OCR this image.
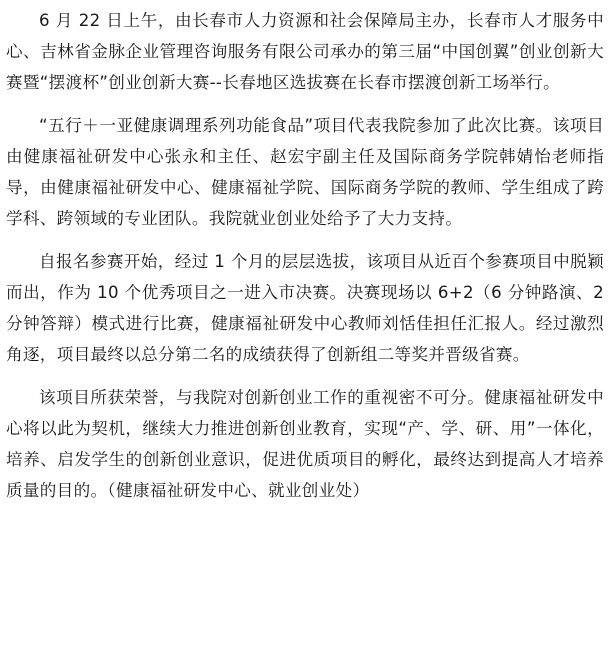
6 月 22 日上午，由长春市人力资源和社会保障局主办，长春市人才服务中心、吉林省金脉企业管理咨询服务有限公司承办的第三届“中国创翼”创业创新大赛暨“摆渡杯”创业创新大赛--长春地区选拔赛在长春市摆渡创新工场举行。

“五行＋一亚健康调理系列功能食品”项目代表我院参加了此次比赛。该项目由健康福祉研发中心张永和主任、赵宏宇副主任及国际商务学院韩婧怡老师指导，由健康福祉研发中心、健康福祉学院、国际商务学院的教师、学生组成了跨学科、跨领域的专业团队。我院就业创业处给予了大力支持。

自报名参赛开始，经过 1 个月的层层选拔，该项目从近百个参赛项目中脱颖而出，作为 10 个优秀项目之一进入市决赛。决赛现场以 6+2（6 分钟路演、2 分钟答辩）模式进行比赛，健康福祉研发中心教师刘恬佳担任汇报人。经过激烈角逐，项目最终以总分第二名的成绩获得了创新组二等奖并晋级省赛。

该项目所获荣誉，与我院对创新创业工作的重视密不可分。健康福祉研发中心将以此为契机，继续大力推进创新创业教育，实现“产、学、研、用”一体化，培养、启发学生的创新创业意识，促进优质项目的孵化，最终达到提高人才培养质量的目的。（健康福祉研发中心、就业创业处）
